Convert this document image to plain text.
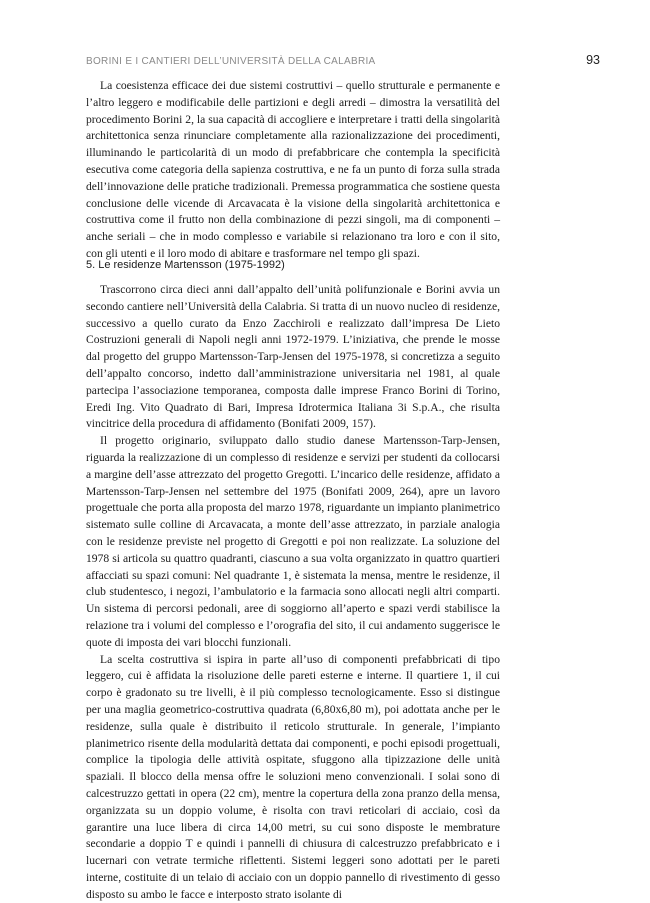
BORINI E I CANTIERI DELL’UNIVERSITÀ DELLA CALABRIA	93

La coesistenza efficace dei due sistemi costruttivi – quello strutturale e permanente e l’altro leggero e modificabile delle partizioni e degli arredi – dimostra la versatilità del procedimento Borini 2, la sua capacità di accoglierе e interpretare i tratti della singolarità architettonica senza rinunciare completamente alla razionalizzazione dei procedimenti, illuminando le particolarità di un modo di prefabbricare che contempla la specificità esecutiva come categoria della sapienza costruttiva, e ne fa un punto di forza sulla strada dell’innovazione delle pratiche tradizionali. Premessa programmatica che sostiene questa conclusione delle vicende di Arcavacata è la visione della singolarità architettonica e costruttiva come il frutto non della combinazione di pezzi singoli, ma di componenti – anche seriali – che in modo complesso e variabile si relazionano tra loro e con il sito, con gli utenti e il loro modo di abitare e trasformare nel tempo gli spazi.

5. Le residenze Martensson (1975-1992)

Trascorrono circa dieci anni dall’appalto dell’unità polifunzionale e Borini avvia un secondo cantiere nell’Università della Calabria. Si tratta di un nuovo nucleo di residenze, successivo a quello curato da Enzo Zacchiroli e realizzato dall’impresa De Lieto Costruzioni generali di Napoli negli anni 1972-1979. L’iniziativa, che prende le mosse dal progetto del gruppo Martensson-Tarp-Jensen del 1975-1978, si concretizza a seguito dell’appalto concorso, indetto dall’amministrazione universitaria nel 1981, al quale partecipa l’associazione temporanea, composta dalle imprese Franco Borini di Torino, Eredi Ing. Vito Quadrato di Bari, Impresa Idrotermica Italiana 3i S.p.A., che risulta vincitrice della procedura di affidamento (Bonifati 2009, 157).

Il progetto originario, sviluppato dallo studio danese Martensson-Tarp-Jensen, riguarda la realizzazione di un complesso di residenze e servizi per studenti da collocarsi a margine dell’asse attrezzato del progetto Gregotti. L’incarico delle residenze, affidato a Martensson-Tarp-Jensen nel settembre del 1975 (Bonifati 2009, 264), apre un lavoro progettuale che porta alla proposta del marzo 1978, riguardante un impianto planimetrico sistemato sulle colline di Arcavacata, a monte dell’asse attrezzato, in parziale analogia con le residenze previste nel progetto di Gregotti e poi non realizzate. La soluzione del 1978 si articola su quattro quadranti, ciascuno a sua volta organizzato in quattro quartieri affacciati su spazi comuni: Nel quadrante 1, è sistemata la mensa, mentre le residenze, il club studentesco, i negozi, l’ambulatorio e la farmacia sono allocati negli altri comparti. Un sistema di percorsi pedonali, aree di soggiorno all’aperto e spazi verdi stabilisce la relazione tra i volumi del complesso e l’orografia del sito, il cui andamento suggerisce le quote di imposta dei vari blocchi funzionali.

La scelta costruttiva si ispira in parte all’uso di componenti prefabbricati di tipo leggero, cui è affidata la risoluzione delle pareti esterne e interne. Il quartiere 1, il cui corpo è gradonato su tre livelli, è il più complesso tecnologicamente. Esso si distingue per una maglia geometrico-costruttiva quadrata (6,80x6,80 m), poi adottata anche per le residenze, sulla quale è distribuito il reticolo strutturale. In generale, l’impianto planimetrico risente della modularità dettata dai componenti, e pochi episodi progettuali, complice la tipologia delle attività ospitate, sfuggono alla tipizzazione delle unità spaziali. Il blocco della mensa offre le soluzioni meno convenzionali. I solai sono di calcestruzzo gettati in opera (22 cm), mentre la copertura della zona pranzo della mensa, organizzata su un doppio volume, è risolta con travi reticolari di acciaio, così da garantire una luce libera di circa 14,00 metri, su cui sono disposte le membrature secondarie a doppio T e quindi i pannelli di chiusura di calcestruzzo prefabbricato e i lucernari con vetrate termiche riflettenti. Sistemi leggeri sono adottati per le pareti interne, costituite di un telaio di acciaio con un doppio pannello di rivestimento di gesso disposto su ambo le facce e interposto strato isolante di
